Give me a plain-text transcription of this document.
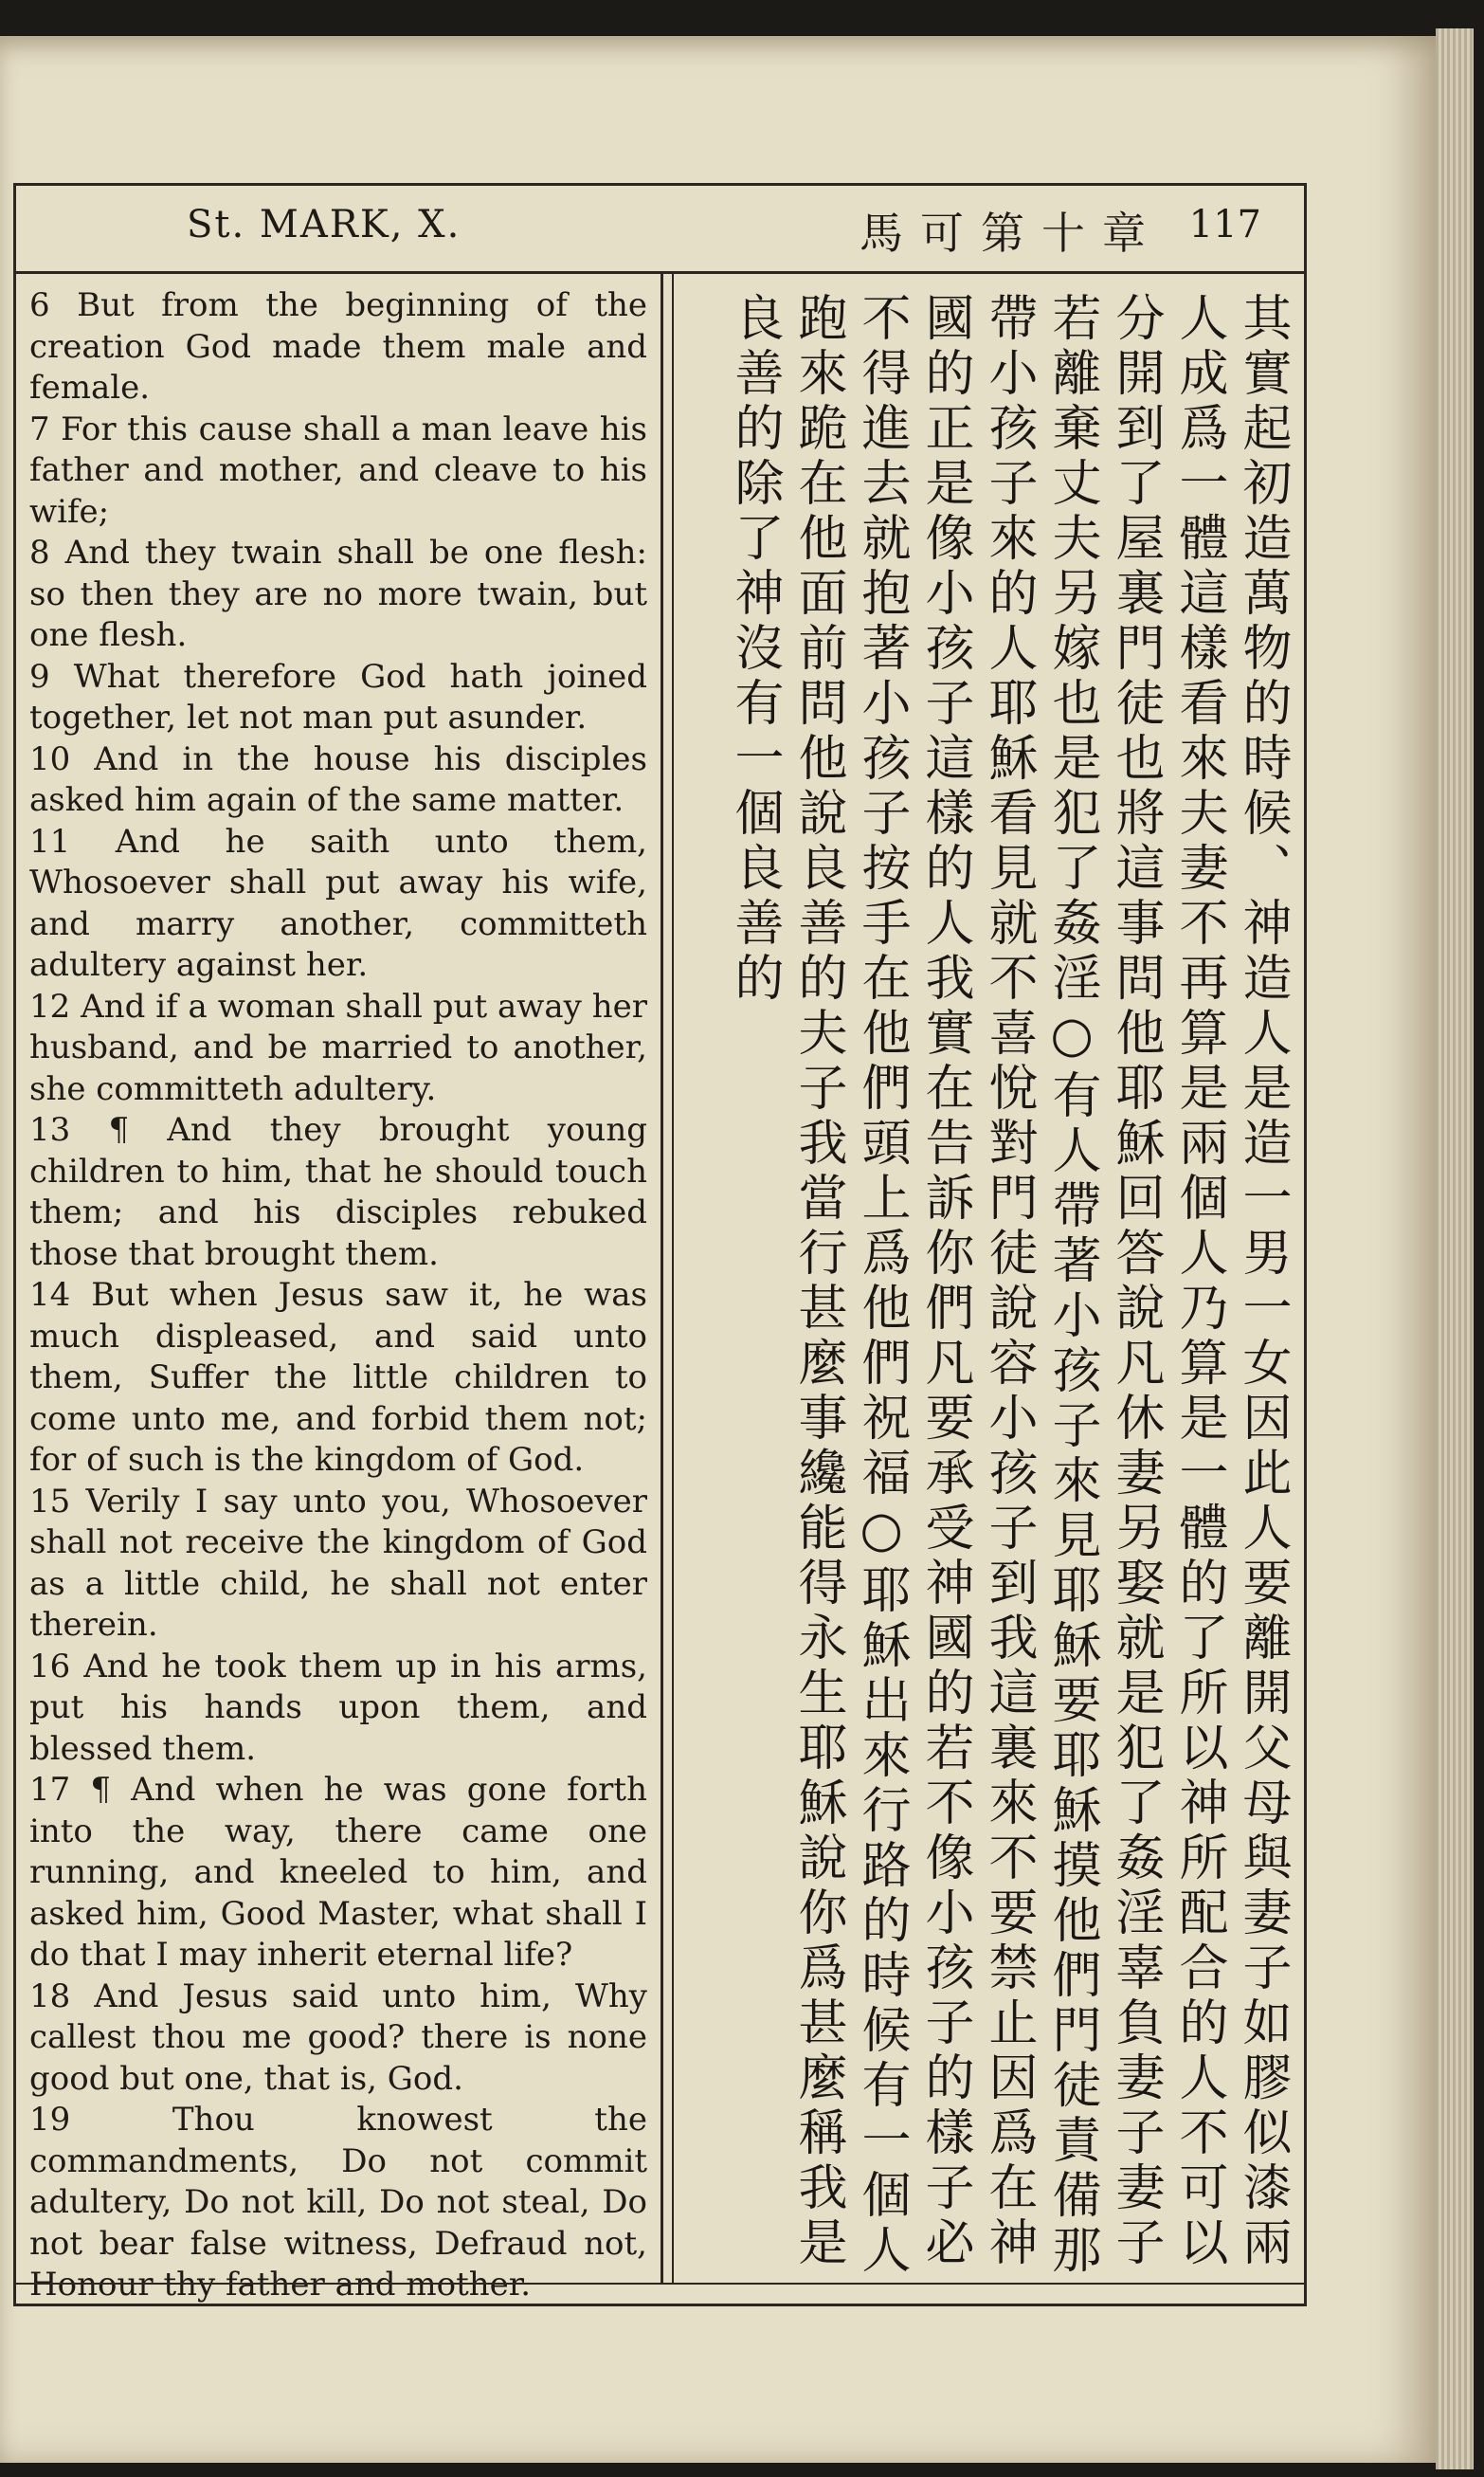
St. MARK, X.	馬可第十章 117

6 But from the beginning of the creation God made them male and female.

7 For this cause shall a man leave his father and mother, and cleave to his wife;

8 And they twain shall be one flesh: so then they are no more twain, but one flesh.

9 What therefore God hath joined together, let not man put asunder.

10 And in the house his disciples asked him again of the same matter.

11 And he saith unto them, Whosoever shall put away his wife, and marry another, committeth adultery against her.

12 And if a woman shall put away her husband, and be married to another, she committeth adultery.

13 ¶ And they brought young children to him, that he should touch them; and his disciples rebuked those that brought them.

14 But when Jesus saw it, he was much displeased, and said unto them, Suffer the little children to come unto me, and forbid them not; for of such is the kingdom of God.

15 Verily I say unto you, Whosoever shall not receive the kingdom of God as a little child, he shall not enter therein.

16 And he took them up in his arms, put his hands upon them, and blessed them.

17 ¶ And when he was gone forth into the way, there came one running, and kneeled to him, and asked him, Good Master, what shall I do that I may inherit eternal life?

18 And Jesus said unto him, Why callest thou me good? there is none good but one, that is, God.

19 Thou knowest the commandments, Do not commit adultery, Do not kill, Do not steal, Do not bear false witness, Defraud not, Honour thy father and mother.

其實起初造萬物的時候、神造人是造一男一女因此人要離開父母與妻子如膠似漆兩人成爲一體這樣看來夫妻不再算是兩個人乃算是一體的了所以神所配合的人不可以分開到了屋裏門徒也將這事問他耶穌回答說凡休妻另娶就是犯了姦淫辜負妻子妻子若離棄丈夫另嫁也是犯了姦淫○有人帶著小孩子來見耶穌要耶穌摸他們門徒責備那帶小孩子來的人耶穌看見就不喜悅對門徒說容小孩子到我這裏來不要禁止因爲在神國的正是像小孩子這樣的人我實在告訴你們凡要承受神國的若不像小孩子的樣子必不得進去就抱著小孩子按手在他們頭上爲他們祝福○耶穌出來行路的時候有一個人跑來跪在他面前問他說良善的夫子我當行甚麼事纔能得永生耶穌說你爲甚麼稱我是良善的除了神沒有一個良善的
